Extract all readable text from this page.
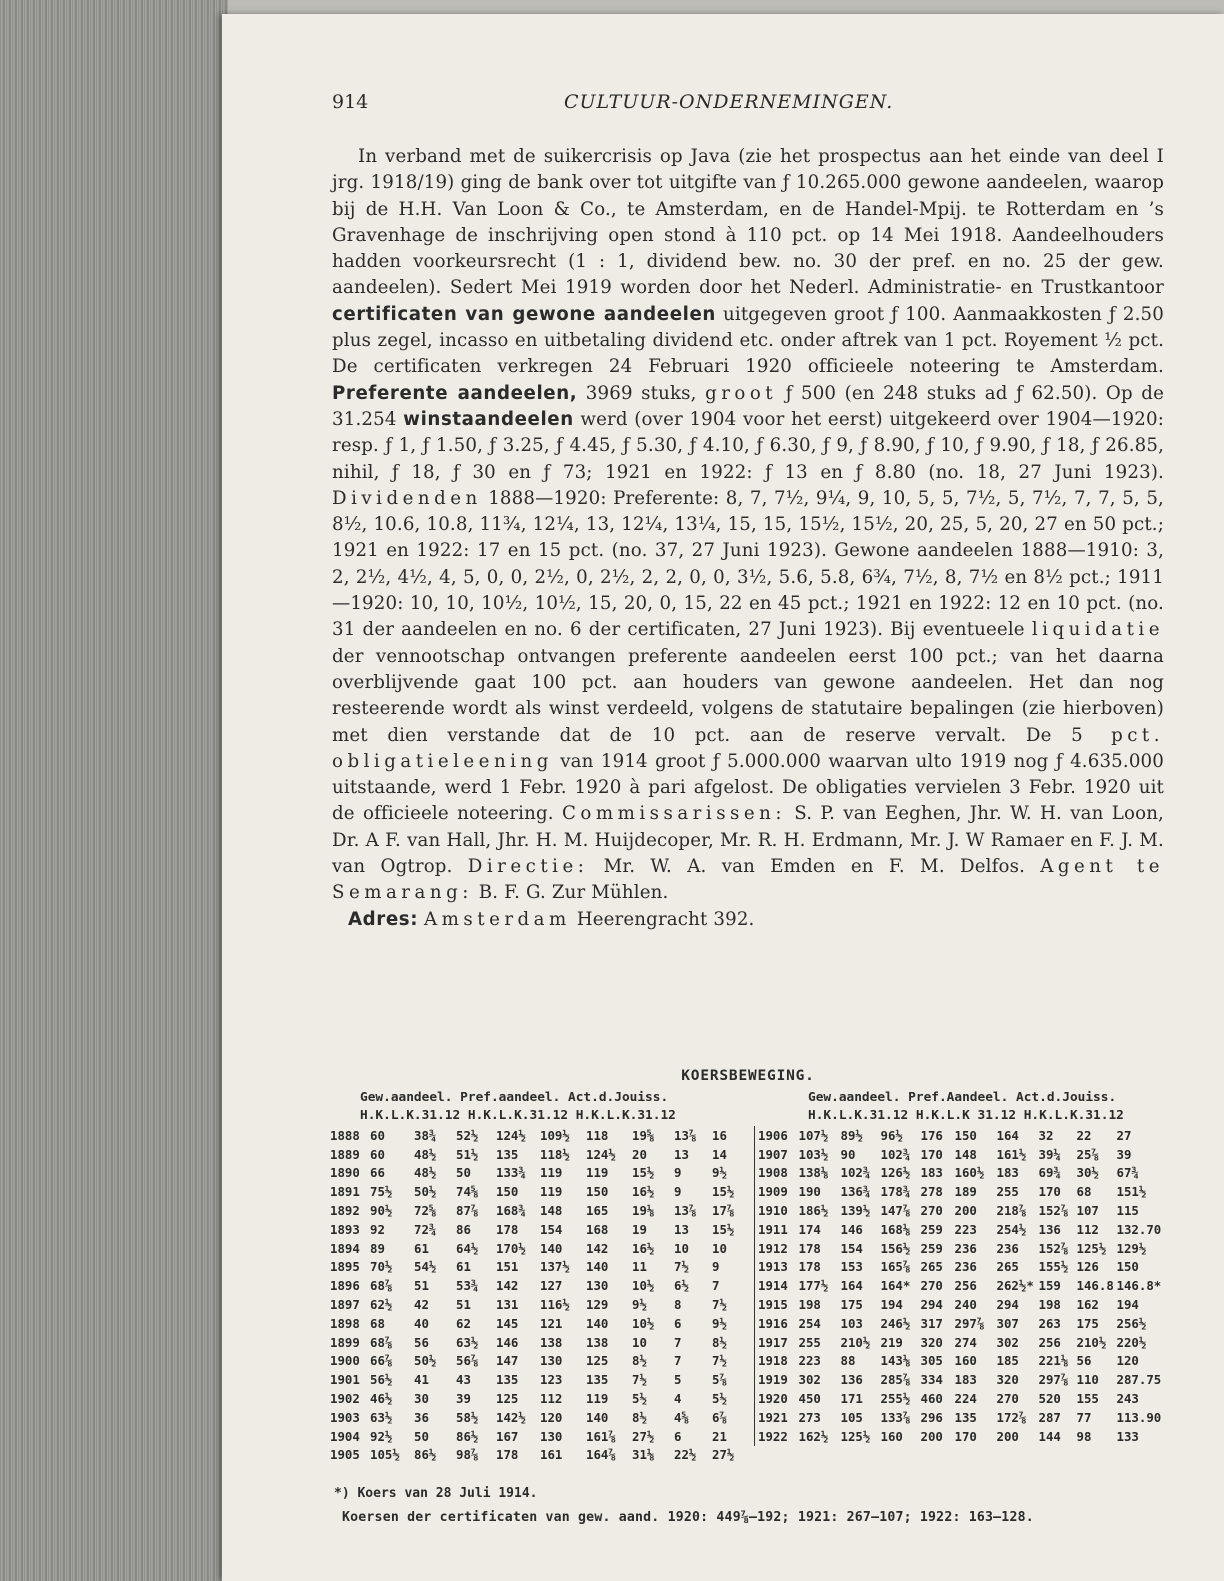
914	CULTUUR-ONDERNEMINGEN.

In verband met de suikercrisis op Java (zie het prospectus aan het einde van deel I jrg. 1918/19) ging de bank over tot uitgifte van ƒ 10.265.000 gewone aandeelen, waarop bij de H.H. Van Loon & Co., te Amsterdam, en de Handel-Mpij. te Rotterdam en ’s Gravenhage de inschrijving open stond à 110 pct. op 14 Mei 1918. Aandeelhouders hadden voorkeursrecht (1 : 1, dividend bew. no. 30 der pref. en no. 25 der gew. aandeelen). Sedert Mei 1919 worden door het Nederl. Administratie- en Trustkantoor certificaten van gewone aandeelen uitgegeven groot ƒ 100. Aanmaakkosten ƒ 2.50 plus zegel, incasso en uitbetaling dividend etc. onder aftrek van 1 pct. Royement ½ pct. De certificaten verkregen 24 Februari 1920 officieele noteering te Amsterdam. Preferente aandeelen, 3969 stuks, groot ƒ 500 (en 248 stuks ad ƒ 62.50). Op de 31.254 winstaandeelen werd (over 1904 voor het eerst) uitgekeerd over 1904—1920: resp. ƒ 1, ƒ 1.50, ƒ 3.25, ƒ 4.45, ƒ 5.30, ƒ 4.10, ƒ 6.30, ƒ 9, ƒ 8.90, ƒ 10, ƒ 9.90, ƒ 18, ƒ 26.85, nihil, ƒ 18, ƒ 30 en ƒ 73; 1921 en 1922: ƒ 13 en ƒ 8.80 (no. 18, 27 Juni 1923). Dividenden 1888—1920: Preferente: 8, 7, 7½, 9¼, 9, 10, 5, 5, 7½, 5, 7½, 7, 7, 5, 5, 8½, 10.6, 10.8, 11¾, 12¼, 13, 12¼, 13¼, 15, 15, 15½, 15½, 20, 25, 5, 20, 27 en 50 pct.; 1921 en 1922: 17 en 15 pct. (no. 37, 27 Juni 1923). Gewone aandeelen 1888—1910: 3, 2, 2½, 4½, 4, 5, 0, 0, 2½, 0, 2½, 2, 2, 0, 0, 3½, 5.6, 5.8, 6¾, 7½, 8, 7½ en 8½ pct.; 1911—1920: 10, 10, 10½, 10½, 15, 20, 0, 15, 22 en 45 pct.; 1921 en 1922: 12 en 10 pct. (no. 31 der aandeelen en no. 6 der certificaten, 27 Juni 1923). Bij eventueele liquidatie der vennootschap ontvangen preferente aandeelen eerst 100 pct.; van het daarna overblijvende gaat 100 pct. aan houders van gewone aandeelen. Het dan nog resteerende wordt als winst verdeeld, volgens de statutaire bepalingen (zie hierboven) met dien verstande dat de 10 pct. aan de reserve vervalt. De 5 pct. obligatieleening van 1914 groot ƒ 5.000.000 waarvan ulto 1919 nog ƒ 4.635.000 uitstaande, werd 1 Febr. 1920 à pari afgelost. De obligaties vervielen 3 Febr. 1920 uit de officieele noteering. Commissarissen: S. P. van Eeghen, Jhr. W. H. van Loon, Dr. A F. van Hall, Jhr. H. M. Huijdecoper, Mr. R. H. Erdmann, Mr. J. W Ramaer en F. J. M. van Ogtrop. Directie: Mr. W. A. van Emden en F. M. Delfos. Agent te Semarang: B. F. G. Zur Mühlen.

Adres: Amsterdam Heerengracht 392.

KOERSBEWEGING.
Gew.aandeel. Pref.aandeel. Act.d.Jouiss.	Gew.aandeel. Pref.Aandeel. Act.d.Jouiss.
H.K.L.K.31.12 H.K.L.K.31.12 H.K.L.K.31.12	H.K.L.K.31.12 H.K.L.K 31.12 H.K.L.K.31.12
1888	60	38¾	52½	124½	109½	118	19⅝	13⅞	16
1889	60	48½	51½	135	118½	124½	20	13	14
1890	66	48½	50	133¾	119	119	15½	9	9½
1891	75½	50½	74⅝	150	119	150	16½	9	15½
1892	90½	72⅝	87⅞	168¾	148	165	19⅛	13⅞	17⅞
1893	92	72¾	86	178	154	168	19	13	15½
1894	89	61	64½	170½	140	142	16½	10	10
1895	70½	54½	61	151	137½	140	11	7½	9
1896	68⅞	51	53¾	142	127	130	10½	6½	7
1897	62½	42	51	131	116½	129	9½	8	7½
1898	68	40	62	145	121	140	10½	6	9½
1899	68⅞	56	63½	146	138	138	10	7	8½
1900	66⅞	50½	56⅞	147	130	125	8½	7	7½
1901	56½	41	43	135	123	135	7½	5	5⅞
1902	46½	30	39	125	112	119	5½	4	5½
1903	63½	36	58½	142½	120	140	8½	4⅝	6⅞
1904	92½	50	86½	167	130	161⅞	27½	6	21
1905	105½	86½	98⅞	178	161	164⅞	31⅛	22½	27½
1906	107½	89½	96½	176	150	164	32	22	27
1907	103½	90	102¾	170	148	161½	39¼	25⅞	39
1908	138⅛	102¾	126½	183	160½	183	69¾	30½	67¾
1909	190	136¾	178¾	278	189	255	170	68	151½
1910	186½	139½	147⅞	270	200	218⅞	152⅞	107	115
1911	174	146	168⅛	259	223	254½	136	112	132.70
1912	178	154	156½	259	236	236	152⅞	125½	129½
1913	178	153	165⅞	265	236	265	155½	126	150
1914	177½	164	164*	270	256	262½*	159	146.8	146.8*
1915	198	175	194	294	240	294	198	162	194
1916	254	103	246½	317	297⅞	307	263	175	256½
1917	255	210½	219	320	274	302	256	210½	220½
1918	223	88	143⅛	305	160	185	221⅛	56	120
1919	302	136	285⅞	334	183	320	297⅞	110	287.75
1920	450	171	255½	460	224	270	520	155	243
1921	273	105	133⅞	296	135	172⅞	287	77	113.90
1922	162½	125½	160	200	170	200	144	98	133
*) Koers van 28 Juli 1914.
Koersen der certificaten van gew. aand. 1920: 449⅞—192; 1921: 267—107; 1922: 163—128.
